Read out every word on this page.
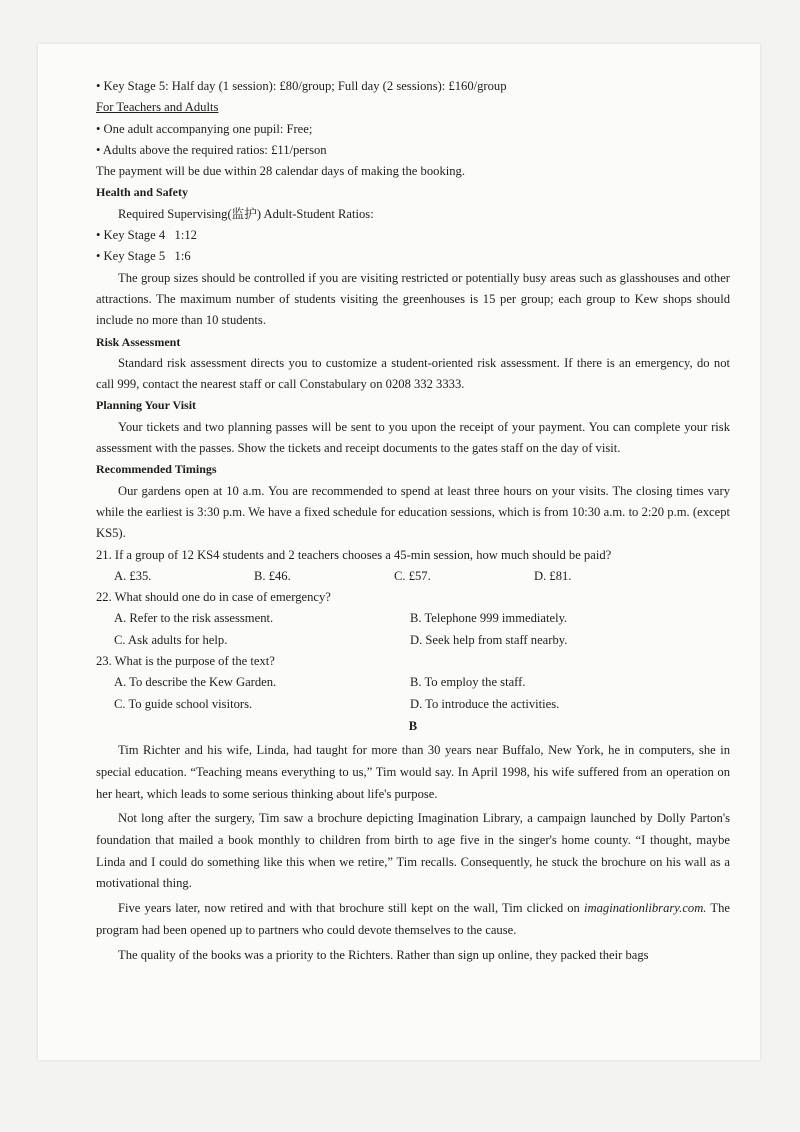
• Key Stage 5: Half day (1 session): £80/group; Full day (2 sessions): £160/group
For Teachers and Adults
• One adult accompanying one pupil: Free;
• Adults above the required ratios: £11/person
The payment will be due within 28 calendar days of making the booking.
Health and Safety
Required Supervising(监护) Adult-Student Ratios:
• Key Stage 4   1:12
• Key Stage 5   1:6

The group sizes should be controlled if you are visiting restricted or potentially busy areas such as glasshouses and other attractions. The maximum number of students visiting the greenhouses is 15 per group; each group to Kew shops should include no more than 10 students.

Risk Assessment

Standard risk assessment directs you to customize a student-oriented risk assessment. If there is an emergency, do not call 999, contact the nearest staff or call Constabulary on 0208 332 3333.

Planning Your Visit

Your tickets and two planning passes will be sent to you upon the receipt of your payment. You can complete your risk assessment with the passes. Show the tickets and receipt documents to the gates staff on the day of visit.

Recommended Timings

Our gardens open at 10 a.m. You are recommended to spend at least three hours on your visits. The closing times vary while the earliest is 3:30 p.m. We have a fixed schedule for education sessions, which is from 10:30 a.m. to 2:20 p.m. (except KS5).

21. If a group of 12 KS4 students and 2 teachers chooses a 45-min session, how much should be paid?
A. £35.	B. £46.	C. £57.	D. £81.
22. What should one do in case of emergency?
A. Refer to the risk assessment.	B. Telephone 999 immediately.
C. Ask adults for help.	D. Seek help from staff nearby.
23. What is the purpose of the text?
A. To describe the Kew Garden.	B. To employ the staff.
C. To guide school visitors.	D. To introduce the activities.
B

Tim Richter and his wife, Linda, had taught for more than 30 years near Buffalo, New York, he in computers, she in special education. “Teaching means everything to us,” Tim would say. In April 1998, his wife suffered from an operation on her heart, which leads to some serious thinking about life's purpose.

Not long after the surgery, Tim saw a brochure depicting Imagination Library, a campaign launched by Dolly Parton's foundation that mailed a book monthly to children from birth to age five in the singer's home county. “I thought, maybe Linda and I could do something like this when we retire,” Tim recalls. Consequently, he stuck the brochure on his wall as a motivational thing.

Five years later, now retired and with that brochure still kept on the wall, Tim clicked on imaginationlibrary.com. The program had been opened up to partners who could devote themselves to the cause.

The quality of the books was a priority to the Richters. Rather than sign up online, they packed their bags
